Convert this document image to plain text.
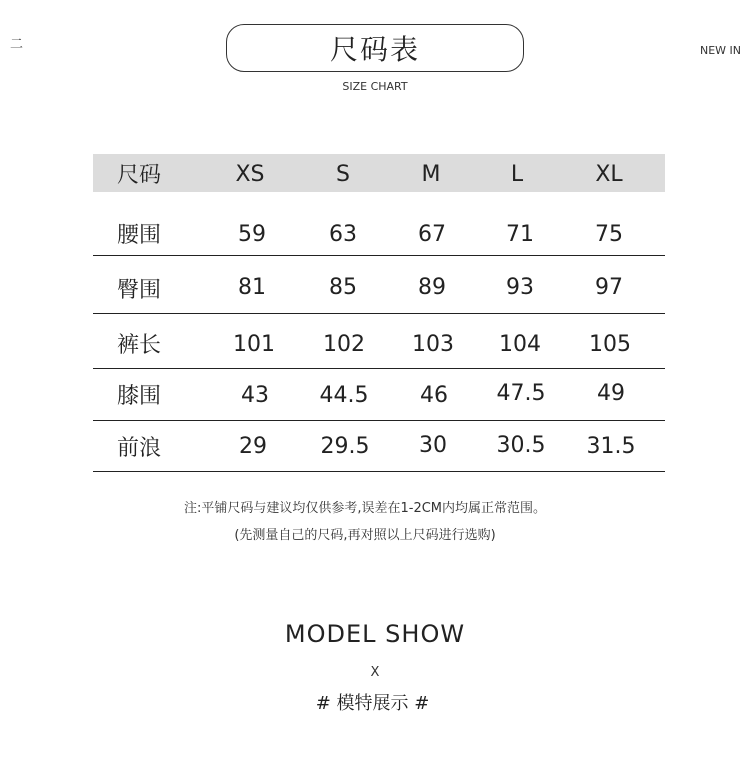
二	NEW IN
尺码表
SIZE CHART
尺码	XS	S	M	L	XL
腰围	59	63	67	71	75
臀围	81	85	89	93	97
裤长	101 102 103 104 105
膝围	43 44.5 46 47.5 49
前浪	29 29.5 30 30.5 31.5
注:平铺尺码与建议均仅供参考,误差在1-2CM内均属正常范围。
(先测量自己的尺码,再对照以上尺码进行选购)
MODEL SHOW
X
# 模特展示 #
